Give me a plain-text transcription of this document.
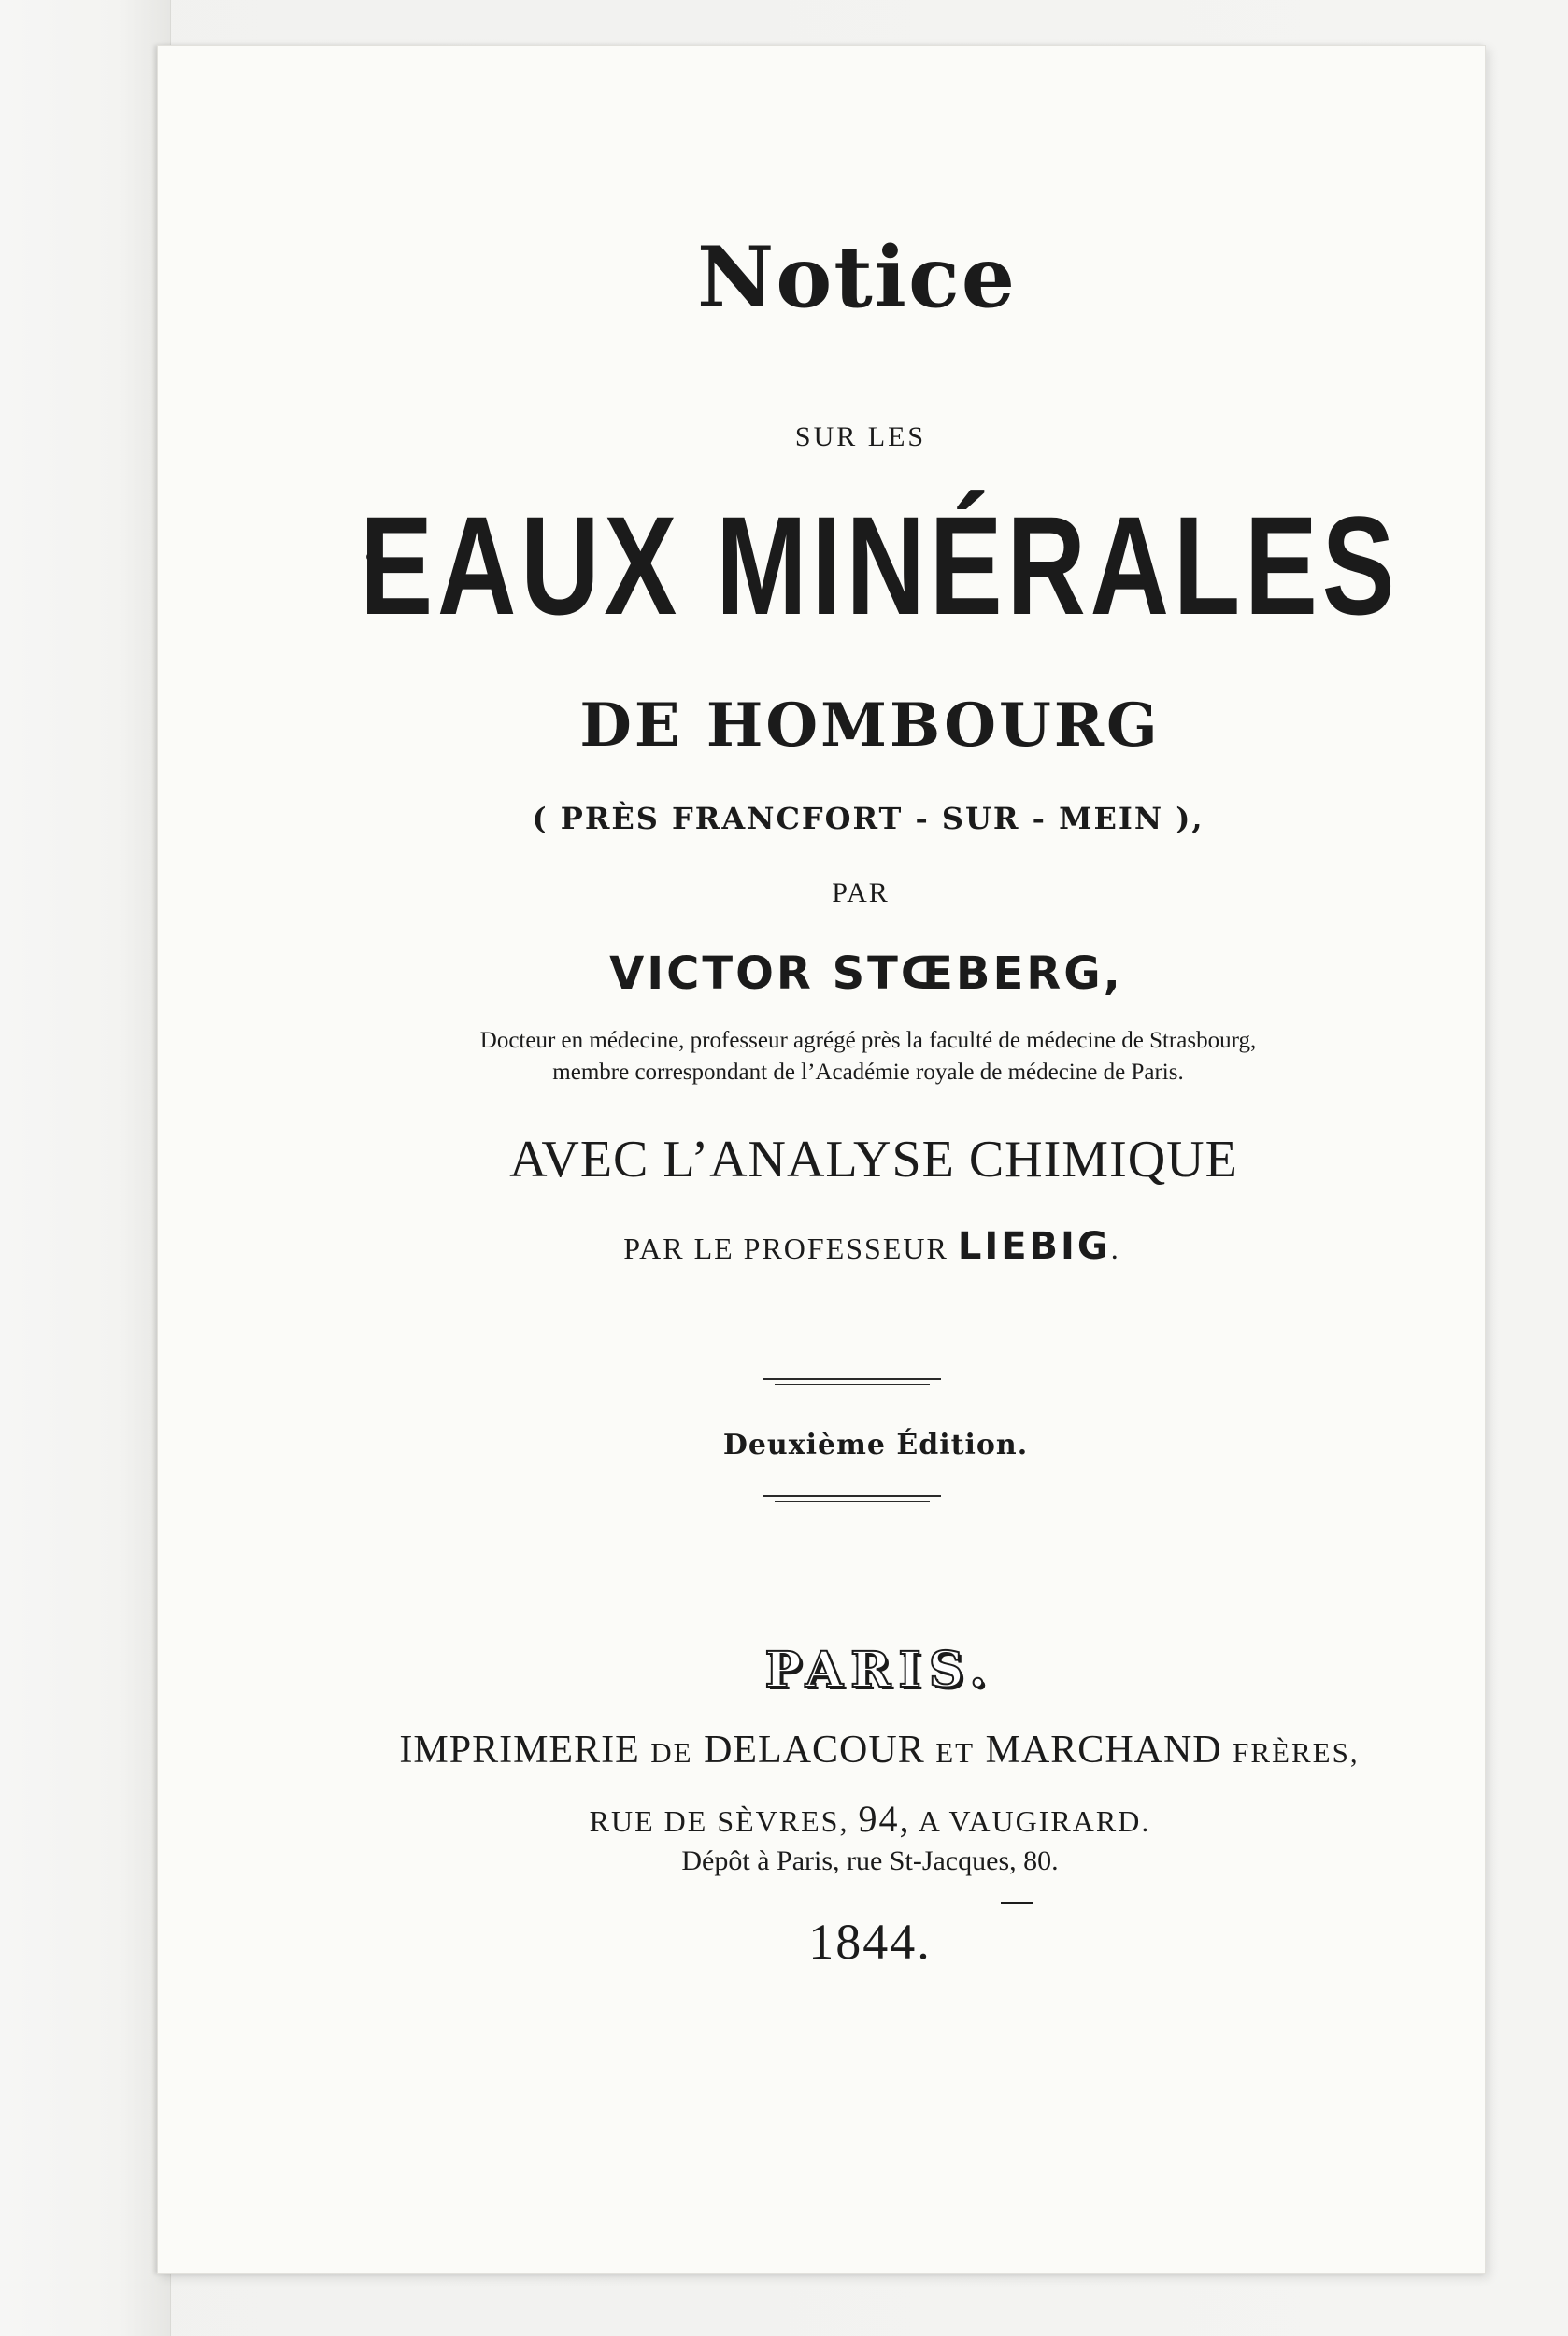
Notice
SUR LES
EAUX MINÉRALES
DE HOMBOURG
( PRÈS FRANCFORT - SUR - MEIN ),
PAR
VICTOR STŒBERG,
Docteur en médecine, professeur agrégé près la faculté de médecine de Strasbourg,
membre correspondant de l’Académie royale de médecine de Paris.
AVEC L’ANALYSE CHIMIQUE
PAR LE PROFESSEUR LIEBIG.
Deuxième Édition.
PARIS.
IMPRIMERIE DE DELACOUR ET MARCHAND FRÈRES,
RUE DE SÈVRES, 94, A VAUGIRARD.
Dépôt à Paris, rue St-Jacques, 80.
1844.
